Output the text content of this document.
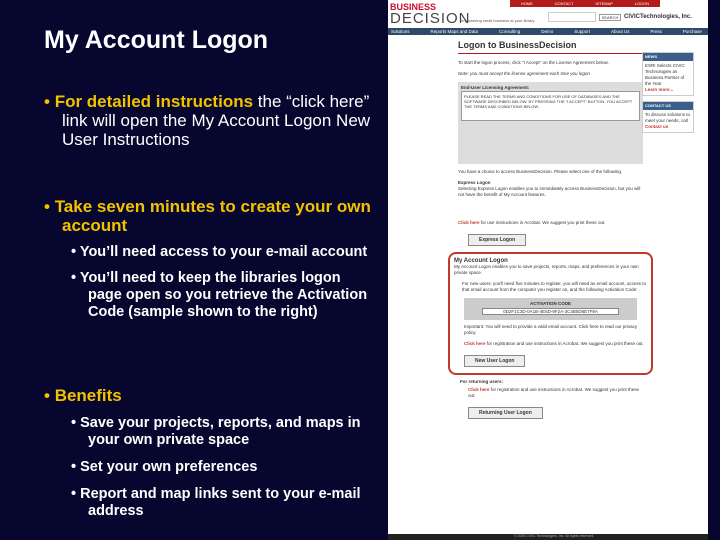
My Account Logon
• For detailed instructions the “click here” link will open the My Account Logon New User Instructions
• Take seven minutes to create your own account
• You’ll need access to your e-mail account
• You’ll need to keep the libraries logon page open so you retrieve the Activation Code (sample shown to the right)
• Benefits
• Save your projects, reports, and maps in your own private space
• Set your own preferences
• Report and map links sent to your e-mail address
HOME	CONTACT	SITEMAP	LOGON
BUSINESS
DECISION
empowering small business at your library
SEARCH CIVICTechnologies, Inc.
Solutions	Reports Maps and Data	Consulting	Demo	Support	About Us	Press	Purchase
Logon to BusinessDecision
To start the logon process, click "I Accept" on the License Agreement below.
Note: you must accept the license agreement each time you logon
End-User Licensing Agreement:
PLEASE READ THE TERMS AND CONDITIONS FOR USE OF DATABASES AND THE SOFTWARE DESCRIBED BELOW. BY PRESSING THE "I ACCEPT" BUTTON, YOU ACCEPT THE TERMS AND CONDITIONS BELOW.
You have a choice to access BusinessDecision. Please select one of the following.
Express Logon
Selecting Express Logon enables you to immediately access BusinessDecision, but you will not have the benefit of My Account features.
Click here for use instructions in Acrobat. We suggest you print these out.
Express Logon
My Account Logon
My Account Logon enables you to save projects, reports, maps, and preferences in your own private space.
For new users: you'll need five minutes to register, you will need an email account, access to that email account from the computer you register on, and the following Activation Code:
ACTIVATION CODE
0D2F1C3D-0A1B-4E5D-9F2A-3C4B5D6E7F8A
Important: You will need to provide a valid email account. Click here to read our privacy policy.
Click here for registration and use instructions in Acrobat. We suggest you print these out.
New User Logon
For returning users:
Click here for registration and use instructions in Acrobat. We suggest you print these out.
Returning User Logon
NEWS

ESRI Selects CIVIC Technologies as Business Partner of the Year
Learn more...

CONTACT US

To discuss solutions to meet your needs, call
Contact us

© 2005 CIVIC Technologies, Inc. All rights reserved.
